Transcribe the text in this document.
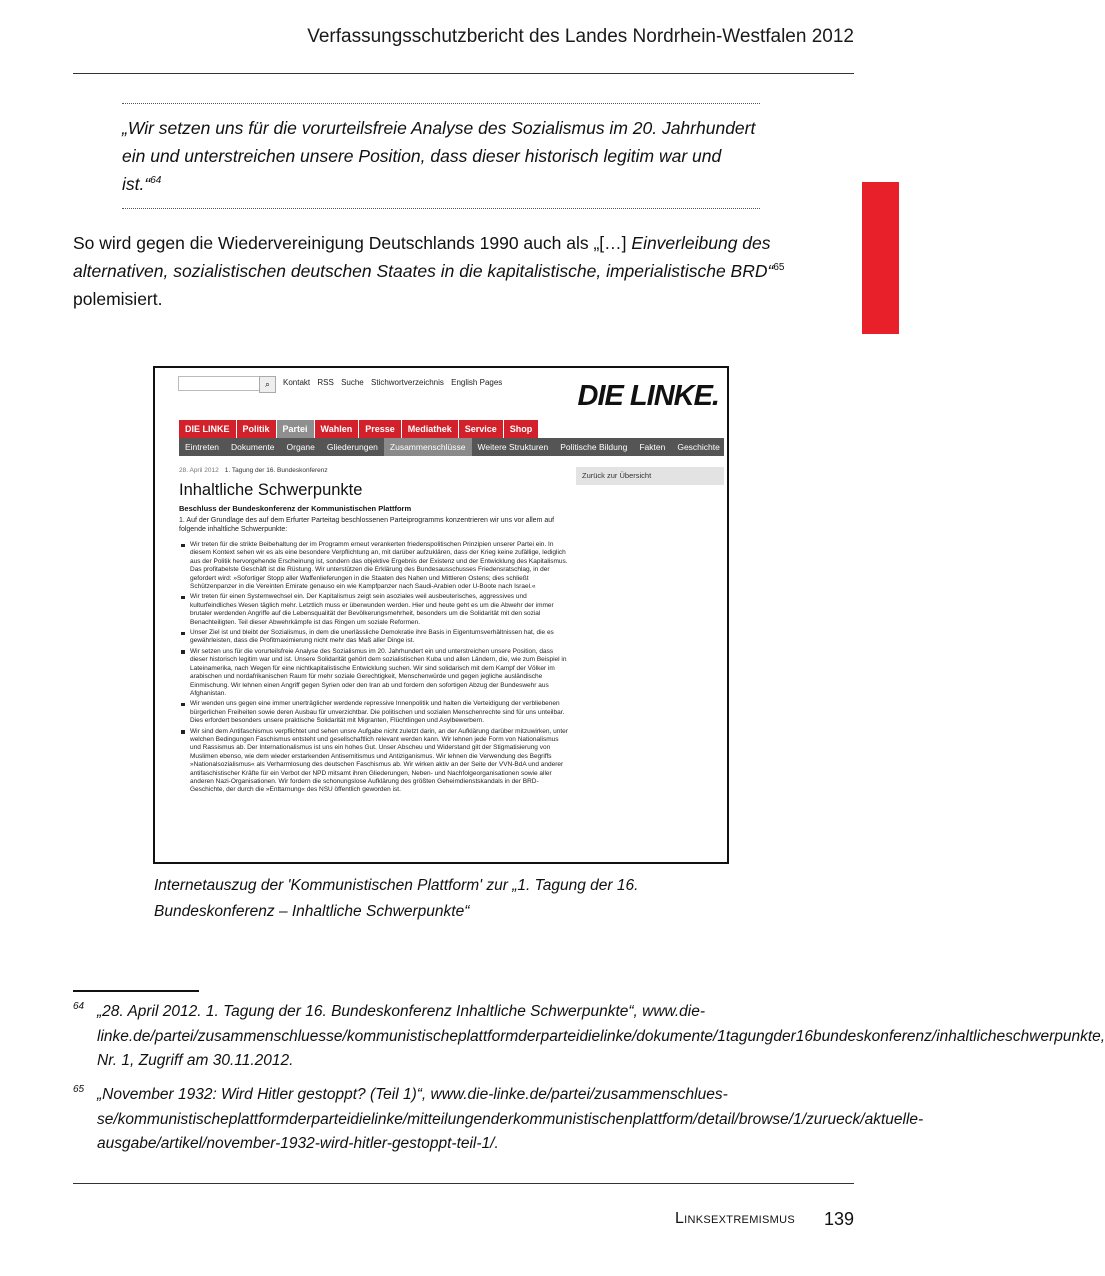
Verfassungsschutzbericht des Landes Nordrhein-Westfalen 2012
„Wir setzen uns für die vorurteilsfreie Analyse des Sozialismus im 20. Jahrhundert ein und unterstreichen unsere Position, dass dieser historisch legitim war und ist.“$^{64}$
So wird gegen die Wiedervereinigung Deutschlands 1990 auch als „[…] Einverleibung des alternativen, sozialistischen deutschen Staates in die kapitalistische, imperialistische BRD“$^{65}$ polemisiert.
⌕	Kontakt RSS Suche Stichwortverzeichnis English Pages	DIE LINKE.
DIE LINKE	Politik	Partei	Wahlen	Presse	Mediathek	Service	Shop
Eintreten	Dokumente	Organe	Gliederungen	Zusammenschlüsse	Weitere Strukturen	Politische Bildung	Fakten	Geschichte
28. April 2012 1. Tagung der 16. Bundeskonferenz
Zurück zur Übersicht
Inhaltliche Schwerpunkte
Beschluss der Bundeskonferenz der Kommunistischen Plattform
1. Auf der Grundlage des auf dem Erfurter Parteitag beschlossenen Parteiprogramms konzentrieren wir uns vor allem auf folgende inhaltliche Schwerpunkte:
Wir treten für die strikte Beibehaltung der im Programm erneut verankerten friedenspolitischen Prinzipien unserer Partei ein. In diesem Kontext sehen wir es als eine besondere Verpflichtung an, mit darüber aufzuklären, dass der Krieg keine zufällige, lediglich aus der Politik hervorgehende Erscheinung ist, sondern das objektive Ergebnis der Existenz und der Entwicklung des Kapitalismus. Das profitabelste Geschäft ist die Rüstung. Wir unterstützen die Erklärung des Bundesausschusses Friedensratschlag, in der gefordert wird: »Sofortiger Stopp aller Waffenlieferungen in die Staaten des Nahen und Mittleren Ostens; dies schließt Schützenpanzer in die Vereinten Emirate genauso ein wie Kampfpanzer nach Saudi-Arabien oder U-Boote nach Israel.«
Wir treten für einen Systemwechsel ein. Der Kapitalismus zeigt sein asoziales weil ausbeuterisches, aggressives und kulturfeindliches Wesen täglich mehr. Letztlich muss er überwunden werden. Hier und heute geht es um die Abwehr der immer brutaler werdenden Angriffe auf die Lebensqualität der Bevölkerungsmehrheit, besonders um die Solidarität mit den sozial Benachteiligten. Teil dieser Abwehrkämpfe ist das Ringen um soziale Reformen.
Unser Ziel ist und bleibt der Sozialismus, in dem die unerlässliche Demokratie ihre Basis in Eigentumsverhältnissen hat, die es gewährleisten, dass die Profitmaximierung nicht mehr das Maß aller Dinge ist.
Wir setzen uns für die vorurteilsfreie Analyse des Sozialismus im 20. Jahrhundert ein und unterstreichen unsere Position, dass dieser historisch legitim war und ist. Unsere Solidarität gehört dem sozialistischen Kuba und allen Ländern, die, wie zum Beispiel in Lateinamerika, nach Wegen für eine nichtkapitalistische Entwicklung suchen. Wir sind solidarisch mit dem Kampf der Völker im arabischen und nordafrikanischen Raum für mehr soziale Gerechtigkeit, Menschenwürde und gegen jegliche ausländische Einmischung. Wir lehnen einen Angriff gegen Syrien oder den Iran ab und fordern den sofortigen Abzug der Bundeswehr aus Afghanistan.
Wir wenden uns gegen eine immer unerträglicher werdende repressive Innenpolitik und halten die Verteidigung der verbliebenen bürgerlichen Freiheiten sowie deren Ausbau für unverzichtbar. Die politischen und sozialen Menschenrechte sind für uns unteilbar. Dies erfordert besonders unsere praktische Solidarität mit Migranten, Flüchtlingen und Asylbewerbern.
Wir sind dem Antifaschismus verpflichtet und sehen unsre Aufgabe nicht zuletzt darin, an der Aufklärung darüber mitzuwirken, unter welchen Bedingungen Faschismus entsteht und gesellschaftlich relevant werden kann. Wir lehnen jede Form von Nationalismus und Rassismus ab. Der Internationalismus ist uns ein hohes Gut. Unser Abscheu und Widerstand gilt der Stigmatisierung von Muslimen ebenso, wie dem wieder erstarkenden Antisemitismus und Antiziganismus. Wir lehnen die Verwendung des Begriffs »Nationalsozialismus« als Verharmlosung des deutschen Faschismus ab. Wir wirken aktiv an der Seite der VVN-BdA und anderer antifaschistischer Kräfte für ein Verbot der NPD mitsamt ihren Gliederungen, Neben- und Nachfolgeorganisationen sowie aller anderen Nazi-Organisationen. Wir fordern die schonungslose Aufklärung des größten Geheimdienstskandals in der BRD-Geschichte, der durch die »Enttarnung« des NSU öffentlich geworden ist.
Internetauszug der 'Kommunistischen Plattform' zur „1. Tagung der 16. Bundeskonferenz – Inhaltliche Schwerpunkte“
64 „28. April 2012. 1. Tagung der 16. Bundeskonferenz Inhaltliche Schwerpunkte“, www.die-linke.de/partei/zusammenschluesse/kommunistischeplattformderparteidielinke/dokumente/1tagungder16bundeskonferenz/inhaltlicheschwerpunkte, Nr. 1, Zugriff am 30.11.2012.
65 „November 1932: Wird Hitler gestoppt? (Teil 1)“, www.die-linke.de/partei/zusammenschluesse/kommunistischeplattformderparteidielinke/mitteilungenderkommunistischenplattform/detail/browse/1/zurueck/aktuelle-ausgabe/artikel/november-1932-wird-hitler-gestoppt-teil-1/.
Linksextremismus 139
